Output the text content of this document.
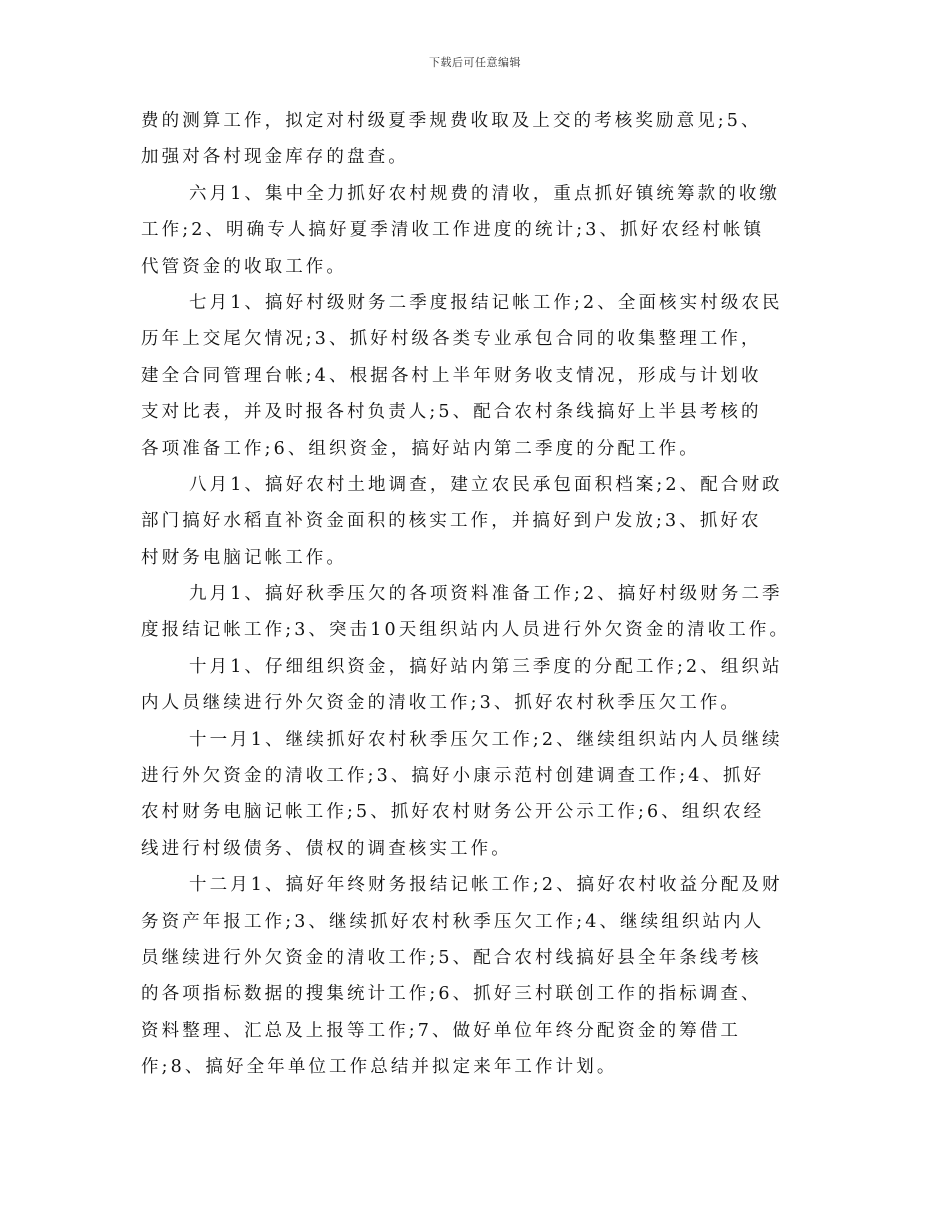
下载后可任意编辑
费的测算工作，拟定对村级夏季规费收取及上交的考核奖励意见;5、
加强对各村现金库存的盘查。
六月1、集中全力抓好农村规费的清收，重点抓好镇统筹款的收缴
工作;2、明确专人搞好夏季清收工作进度的统计;3、抓好农经村帐镇
代管资金的收取工作。
七月1、搞好村级财务二季度报结记帐工作;2、全面核实村级农民
历年上交尾欠情况;3、抓好村级各类专业承包合同的收集整理工作，
建全合同管理台帐;4、根据各村上半年财务收支情况，形成与计划收
支对比表，并及时报各村负责人;5、配合农村条线搞好上半县考核的
各项准备工作;6、组织资金，搞好站内第二季度的分配工作。
八月1、搞好农村土地调查，建立农民承包面积档案;2、配合财政
部门搞好水稻直补资金面积的核实工作，并搞好到户发放;3、抓好农
村财务电脑记帐工作。
九月1、搞好秋季压欠的各项资料准备工作;2、搞好村级财务二季
度报结记帐工作;3、突击10天组织站内人员进行外欠资金的清收工作。
十月1、仔细组织资金，搞好站内第三季度的分配工作;2、组织站
内人员继续进行外欠资金的清收工作;3、抓好农村秋季压欠工作。
十一月1、继续抓好农村秋季压欠工作;2、继续组织站内人员继续
进行外欠资金的清收工作;3、搞好小康示范村创建调查工作;4、抓好
农村财务电脑记帐工作;5、抓好农村财务公开公示工作;6、组织农经
线进行村级债务、债权的调查核实工作。
十二月1、搞好年终财务报结记帐工作;2、搞好农村收益分配及财
务资产年报工作;3、继续抓好农村秋季压欠工作;4、继续组织站内人
员继续进行外欠资金的清收工作;5、配合农村线搞好县全年条线考核
的各项指标数据的搜集统计工作;6、抓好三村联创工作的指标调查、
资料整理、汇总及上报等工作;7、做好单位年终分配资金的筹借工
作;8、搞好全年单位工作总结并拟定来年工作计划。
